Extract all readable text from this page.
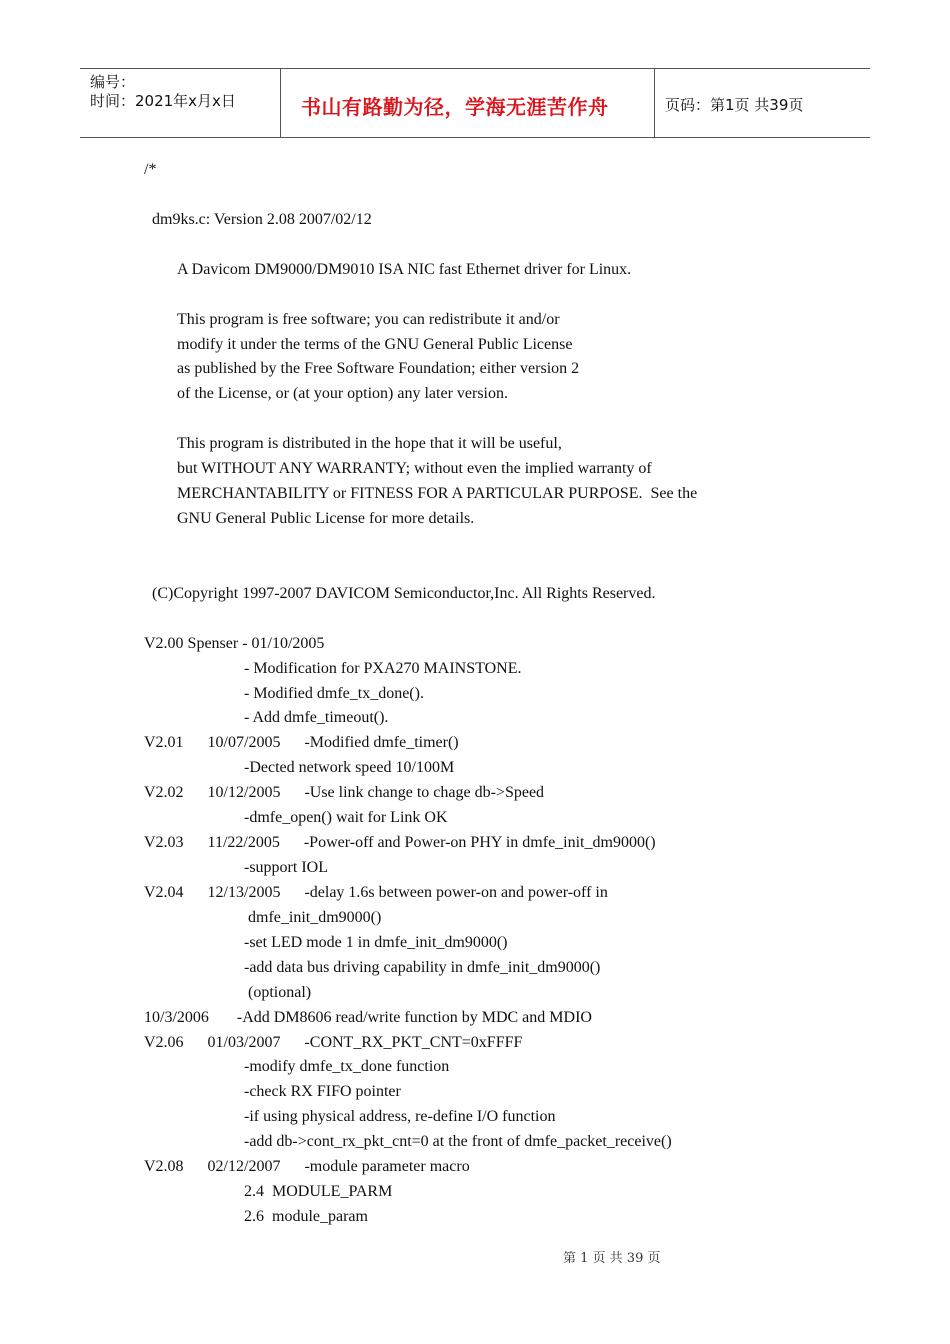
编号：
时间：2021年x月x日	书山有路勤为径，学海无涯苦作舟	页码：第1页 共39页
/*
dm9ks.c: Version 2.08 2007/02/12
A Davicom DM9000/DM9010 ISA NIC fast Ethernet driver for Linux.
This program is free software; you can redistribute it and/or
modify it under the terms of the GNU General Public License
as published by the Free Software Foundation; either version 2
of the License, or (at your option) any later version.
This program is distributed in the hope that it will be useful,
but WITHOUT ANY WARRANTY; without even the implied warranty of
MERCHANTABILITY or FITNESS FOR A PARTICULAR PURPOSE.  See the
GNU General Public License for more details.
(C)Copyright 1997-2007 DAVICOM Semiconductor,Inc. All Rights Reserved.
V2.00 Spenser - 01/10/2005
- Modification for PXA270 MAINSTONE.
- Modified dmfe_tx_done().
- Add dmfe_timeout().
V2.01      10/07/2005      -Modified dmfe_timer()
-Dected network speed 10/100M
V2.02      10/12/2005      -Use link change to chage db->Speed
-dmfe_open() wait for Link OK
V2.03      11/22/2005      -Power-off and Power-on PHY in dmfe_init_dm9000()
-support IOL
V2.04      12/13/2005      -delay 1.6s between power-on and power-off in
dmfe_init_dm9000()
-set LED mode 1 in dmfe_init_dm9000()
-add data bus driving capability in dmfe_init_dm9000()
(optional)
10/3/2006       -Add DM8606 read/write function by MDC and MDIO
V2.06      01/03/2007      -CONT_RX_PKT_CNT=0xFFFF
-modify dmfe_tx_done function
-check RX FIFO pointer
-if using physical address, re-define I/O function
-add db->cont_rx_pkt_cnt=0 at the front of dmfe_packet_receive()
V2.08      02/12/2007      -module parameter macro
2.4  MODULE_PARM
2.6  module_param
第 1 页 共 39 页
